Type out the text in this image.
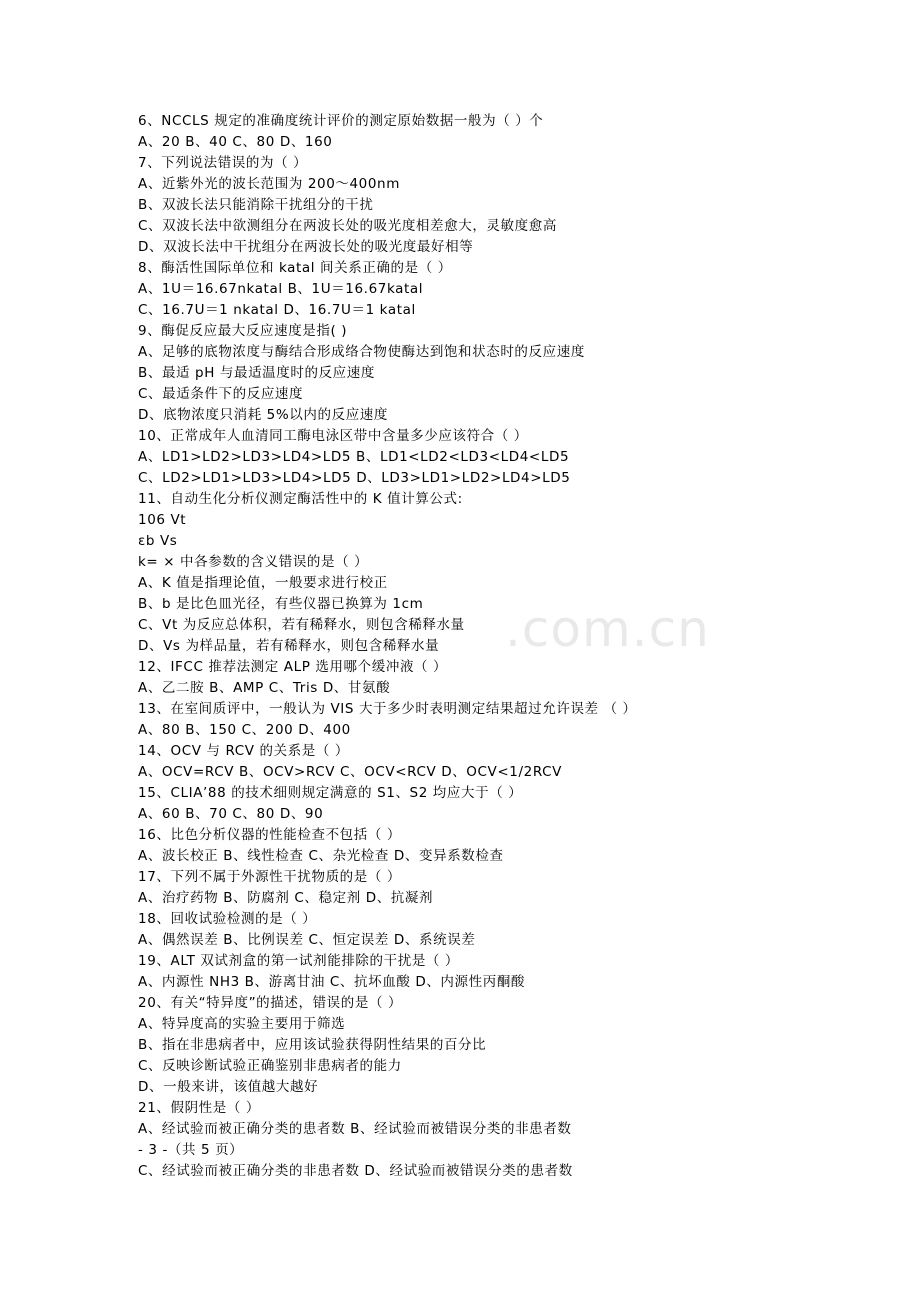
.com.cn
6、NCCLS 规定的准确度统计评价的测定原始数据一般为（ ）个
A、20 B、40 C、80 D、160
7、下列说法错误的为（ ）
A、近紫外光的波长范围为 200～400nm
B、双波长法只能消除干扰组分的干扰
C、双波长法中欲测组分在两波长处的吸光度相差愈大，灵敏度愈高
D、双波长法中干扰组分在两波长处的吸光度最好相等
8、酶活性国际单位和 katal 间关系正确的是（ ）
A、1U＝16.67nkatal B、1U＝16.67katal
C、16.7U＝1 nkatal D、16.7U＝1 katal
9、酶促反应最大反应速度是指( )
A、足够的底物浓度与酶结合形成络合物使酶达到饱和状态时的反应速度
B、最适 pH 与最适温度时的反应速度
C、最适条件下的反应速度
D、底物浓度只消耗 5%以内的反应速度
10、正常成年人血清同工酶电泳区带中含量多少应该符合（ ）
A、LD1>LD2>LD3>LD4>LD5 B、LD1<LD2<LD3<LD4<LD5
C、LD2>LD1>LD3>LD4>LD5 D、LD3>LD1>LD2>LD4>LD5
11、自动生化分析仪测定酶活性中的 K 值计算公式:
106 Vt
εb Vs
k= × 中各参数的含义错误的是（ ）
A、K 值是指理论值，一般要求进行校正
B、b 是比色皿光径，有些仪器已换算为 1cm
C、Vt 为反应总体积，若有稀释水，则包含稀释水量
D、Vs 为样品量，若有稀释水，则包含稀释水量
12、IFCC 推荐法测定 ALP 选用哪个缓冲液（ ）
A、乙二胺 B、AMP C、Tris D、甘氨酸
13、在室间质评中，一般认为 VIS 大于多少时表明测定结果超过允许误差 （ ）
A、80 B、150 C、200 D、400
14、OCV 与 RCV 的关系是（ ）
A、OCV=RCV B、OCV>RCV C、OCV<RCV D、OCV<1/2RCV
15、CLIA’88 的技术细则规定满意的 S1、S2 均应大于（ ）
A、60 B、70 C、80 D、90
16、比色分析仪器的性能检查不包括（ ）
A、波长校正 B、线性检查 C、杂光检查 D、变异系数检查
17、下列不属于外源性干扰物质的是（ ）
A、治疗药物 B、防腐剂 C、稳定剂 D、抗凝剂
18、回收试验检测的是（ ）
A、偶然误差 B、比例误差 C、恒定误差 D、系统误差
19、ALT 双试剂盒的第一试剂能排除的干扰是（ ）
A、内源性 NH3 B、游离甘油 C、抗坏血酸 D、内源性丙酮酸
20、有关“特异度”的描述，错误的是（ ）
A、特异度高的实验主要用于筛选
B、指在非患病者中，应用该试验获得阴性结果的百分比
C、反映诊断试验正确鉴别非患病者的能力
D、一般来讲，该值越大越好
21、假阴性是（ ）
A、经试验而被正确分类的患者数 B、经试验而被错误分类的非患者数
- 3 -（共 5 页）
C、经试验而被正确分类的非患者数 D、经试验而被错误分类的患者数
